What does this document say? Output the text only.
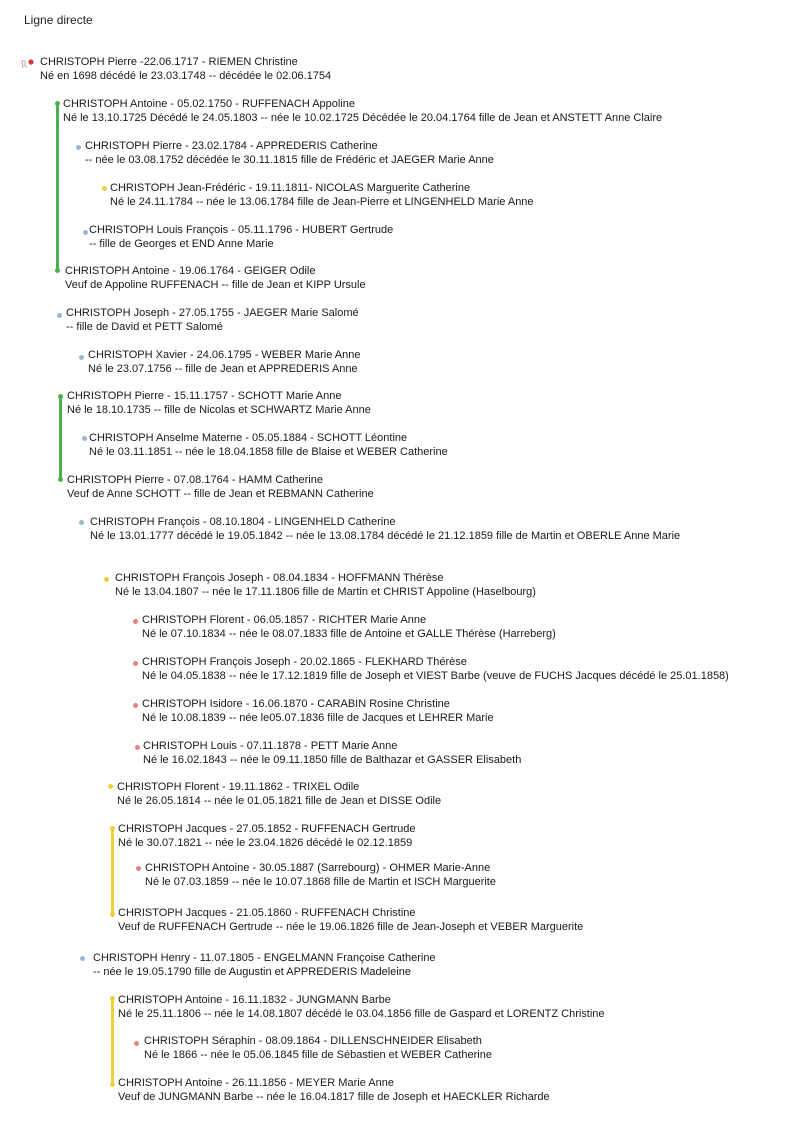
Ligne directe
CHRISTOPH Pierre -22.06.1717 - RIEMEN Christine
Né en 1698 décédé le 23.03.1748 -- décédée le 02.06.1754
CHRISTOPH Antoine - 05.02.1750 - RUFFENACH Appoline
Né le 13.10.1725 Décédé le 24.05.1803 -- née le 10.02.1725 Décédée le 20.04.1764 fille de Jean et ANSTETT Anne Claire
CHRISTOPH Pierre - 23.02.1784 - APPREDERIS Catherine
-- née le 03.08.1752 décédée le 30.11.1815 fille de Frédéric et JAEGER Marie Anne
CHRISTOPH Jean-Frédéric - 19.11.1811- NICOLAS Marguerite Catherine
Né le 24.11.1784 -- née le 13.06.1784 fille de Jean-Pierre et LINGENHELD Marie Anne
CHRISTOPH Louis François - 05.11.1796 - HUBERT Gertrude
-- fille de Georges et END Anne Marie
CHRISTOPH Antoine - 19.06.1764 - GEIGER Odile
Veuf de Appoline RUFFENACH -- fille de Jean et KIPP Ursule
CHRISTOPH Joseph - 27.05.1755 - JAEGER Marie Salomé
-- fille de David et PETT Salomé
CHRISTOPH Xavier - 24.06.1795 - WEBER Marie Anne
Né le 23.07.1756 -- fille de Jean et APPREDERIS Anne
CHRISTOPH Pierre - 15.11.1757 - SCHOTT Marie Anne
Né le 18.10.1735 -- fille de Nicolas et SCHWARTZ Marie Anne
CHRISTOPH Anselme Materne - 05.05.1884 - SCHOTT Léontine
Né le 03.11.1851 -- née le 18.04.1858 fille de Blaise et WEBER Catherine
CHRISTOPH Pierre - 07.08.1764 - HAMM Catherine
Veuf de Anne SCHOTT -- fille de Jean et REBMANN Catherine
CHRISTOPH François - 08.10.1804 - LINGENHELD Catherine
Né le 13.01.1777 décédé le 19.05.1842 -- née le 13.08.1784 décédé le 21.12.1859 fille de Martin et OBERLE Anne Marie
CHRISTOPH François Joseph - 08.04.1834 - HOFFMANN Thérèse
Né le 13.04.1807 -- née le 17.11.1806 fille de Martin et CHRIST Appoline (Haselbourg)
CHRISTOPH Florent - 06.05.1857 - RICHTER Marie Anne
Né le 07.10.1834 -- née le 08.07.1833 fille de Antoine et GALLE Thérèse (Harreberg)
CHRISTOPH François Joseph - 20.02.1865 - FLEKHARD Thérèse
Né le 04.05.1838 -- née le 17.12.1819 fille de Joseph et VIEST Barbe (veuve de FUCHS Jacques décédé le 25.01.1858)
CHRISTOPH Isidore - 16.06.1870 - CARABIN Rosine Christine
Né le 10.08.1839 -- née le05.07.1836 fille de Jacques et LEHRER Marie
CHRISTOPH Louis - 07.11.1878 - PETT Marie Anne
Né le 16.02.1843 -- née le 09.11.1850 fille de Balthazar et GASSER Elisabeth
CHRISTOPH Florent - 19.11.1862 - TRIXEL Odile
Né le 26.05.1814 -- née le 01.05.1821 fille de Jean et DISSE Odile
CHRISTOPH Jacques - 27.05.1852 - RUFFENACH Gertrude
Né le 30.07.1821 -- née le 23.04.1826 décédé le 02.12.1859
CHRISTOPH Antoine - 30.05.1887 (Sarrebourg) - OHMER Marie-Anne
Né le 07.03.1859 -- née le 10.07.1868 fille de Martin et ISCH Marguerite
CHRISTOPH Jacques - 21.05.1860 - RUFFENACH Christine
Veuf de RUFFENACH Gertrude -- née le 19.06.1826 fille de Jean-Joseph et VEBER Marguerite
CHRISTOPH Henry - 11.07.1805 - ENGELMANN Françoise Catherine
-- née le 19.05.1790 fille de Augustin et APPREDERIS Madeleine
CHRISTOPH Antoine - 16.11.1832 - JUNGMANN Barbe
Né le 25.11.1806 -- née le 14.08.1807 décédé le 03.04.1856 fille de Gaspard et LORENTZ Christine
CHRISTOPH Séraphin - 08.09.1864 - DILLENSCHNEIDER Elisabeth
Né le 1866 -- née le 05.06.1845 fille de Sébastien et WEBER Catherine
CHRISTOPH Antoine - 26.11.1856 - MEYER Marie Anne
Veuf de JUNGMANN Barbe -- née le 16.04.1817 fille de Joseph et HAECKLER Richarde
